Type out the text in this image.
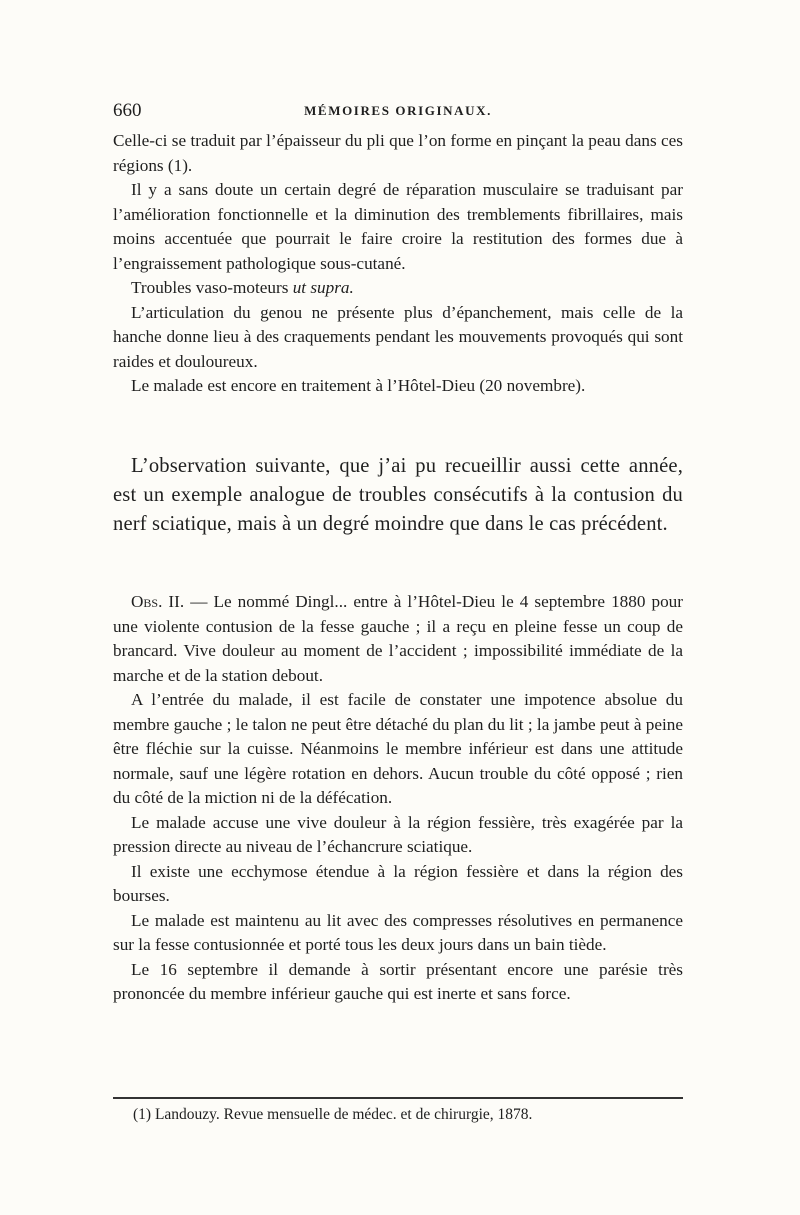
660	MÉMOIRES ORIGINAUX.

Celle-ci se traduit par l’épaisseur du pli que l’on forme en pinçant la peau dans ces régions (1).

Il y a sans doute un certain degré de réparation musculaire se traduisant par l’amélioration fonctionnelle et la diminution des tremblements fibrillaires, mais moins accentuée que pourrait le faire croire la restitution des formes due à l’engraissement pathologique sous-cutané.

Troubles vaso-moteurs ut supra.

L’articulation du genou ne présente plus d’épanchement, mais celle de la hanche donne lieu à des craquements pendant les mouvements provoqués qui sont raides et douloureux.

Le malade est encore en traitement à l’Hôtel-Dieu (20 novembre).

L’observation suivante, que j’ai pu recueillir aussi cette année, est un exemple analogue de troubles consécutifs à la contusion du nerf sciatique, mais à un degré moindre que dans le cas précédent.

Obs. II. — Le nommé Dingl... entre à l’Hôtel-Dieu le 4 septembre 1880 pour une violente contusion de la fesse gauche ; il a reçu en pleine fesse un coup de brancard. Vive douleur au moment de l’accident ; impossibilité immédiate de la marche et de la station debout.

A l’entrée du malade, il est facile de constater une impotence absolue du membre gauche ; le talon ne peut être détaché du plan du lit ; la jambe peut à peine être fléchie sur la cuisse. Néanmoins le membre inférieur est dans une attitude normale, sauf une légère rotation en dehors. Aucun trouble du côté opposé ; rien du côté de la miction ni de la défécation.

Le malade accuse une vive douleur à la région fessière, très exagérée par la pression directe au niveau de l’échancrure sciatique.

Il existe une ecchymose étendue à la région fessière et dans la région des bourses.

Le malade est maintenu au lit avec des compresses résolutives en permanence sur la fesse contusionnée et porté tous les deux jours dans un bain tiède.

Le 16 septembre il demande à sortir présentant encore une parésie très prononcée du membre inférieur gauche qui est inerte et sans force.

(1) Landouzy. Revue mensuelle de médec. et de chirurgie, 1878.
